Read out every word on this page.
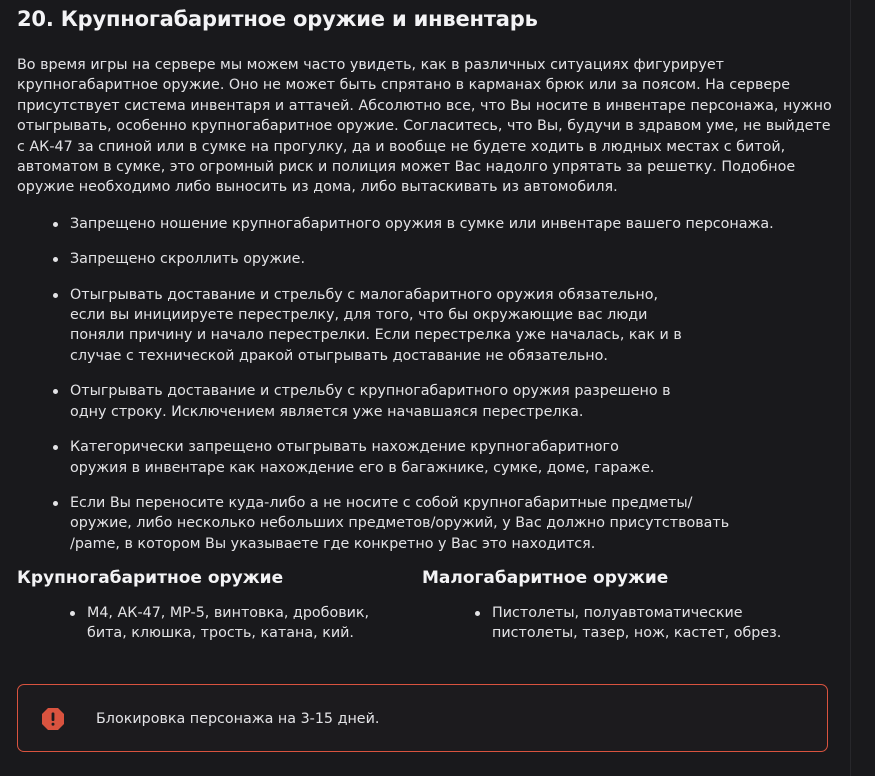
20. Крупногабаритное оружие и инвентарь

Во время игры на сервере мы можем часто увидеть, как в различных ситуациях фигурирует крупногабаритное оружие. Оно не может быть спрятано в карманах брюк или за поясом. На сервере присутствует система инвентаря и аттачей. Абсолютно все, что Вы носите в инвентаре персонажа, нужно отыгрывать, особенно крупногабаритное оружие. Согласитесь, что Вы, будучи в здравом уме, не выйдете с АК-47 за спиной или в сумке на прогулку, да и вообще не будете ходить в людных местах с битой, автоматом в сумке, это огромный риск и полиция может Вас надолго упрятать за решетку. Подобное оружие необходимо либо выносить из дома, либо вытаскивать из автомобиля.

Запрещено ношение крупногабаритного оружия в сумке или инвентаре вашего персонажа.
Запрещено скроллить оружие.
Отыгрывать доставание и стрельбу с малогабаритного оружия обязательно, если вы инициируете перестрелку, для того, что бы окружающие вас люди поняли причину и начало перестрелки. Если перестрелка уже началась, как и в случае с технической дракой отыгрывать доставание не обязательно.
Отыгрывать доставание и стрельбу с крупногабаритного оружия разрешено в одну строку. Исключением является уже начавшаяся перестрелка.
Категорически запрещено отыгрывать нахождение крупногабаритного оружия в инвентаре как нахождение его в багажнике, сумке, доме, гараже.
Если Вы переносите куда-либо а не носите с собой крупногабаритные предметы/ оружие, либо несколько небольших предметов/оружий, у Вас должно присутствовать /pame, в котором Вы указываете где конкретно у Вас это находится.
Крупногабаритное оружие
M4, АК-47, MP-5, винтовка, дробовик, бита, клюшка, трость, катана, кий.
Малогабаритное оружие
Пистолеты, полуавтоматические пистолеты, тазер, нож, кастет, обрез.
Блокировка персонажа на 3-15 дней.
